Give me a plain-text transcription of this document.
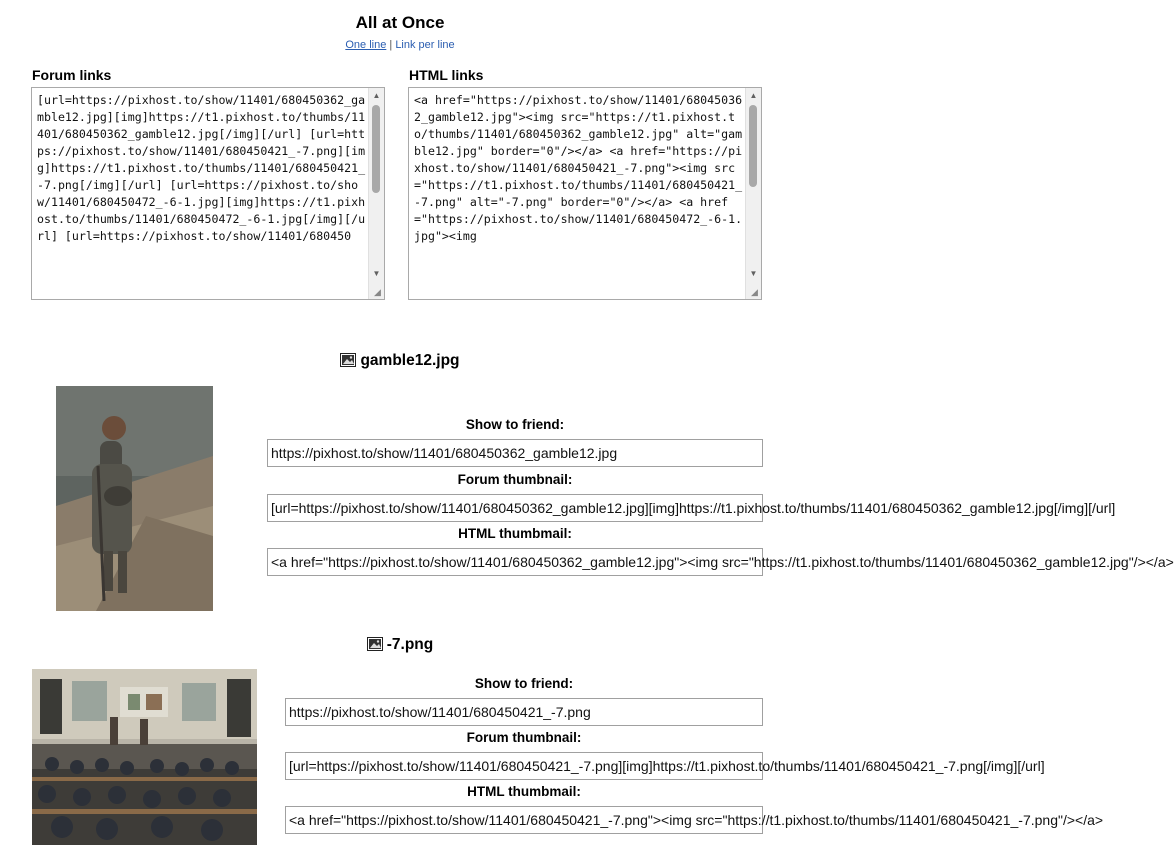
All at Once
One line | Link per line
Forum links
[url=https://pixhost.to/show/11401/680450362_gamble12.jpg][img]https://t1.pixhost.to/thumbs/11401/680450362_gamble12.jpg[/img][/url] [url=https://pixhost.to/show/11401/680450421_-7.png][img]https://t1.pixhost.to/thumbs/11401/680450421_-7.png[/img][/url] [url=https://pixhost.to/show/11401/680450472_-6-1.jpg][img]https://t1.pixhost.to/thumbs/11401/680450472_-6-1.jpg[/img][/url] [url=https://pixhost.to/show/11401/680450
▲
▼
◢
HTML links
<a href="https://pixhost.to/show/11401/680450362_gamble12.jpg"><img src="https://t1.pixhost.to/thumbs/11401/680450362_gamble12.jpg" alt="gamble12.jpg" border="0"/></a> <a href="https://pixhost.to/show/11401/680450421_-7.png"><img src="https://t1.pixhost.to/thumbs/11401/680450421_-7.png" alt="-7.png" border="0"/></a> <a href="https://pixhost.to/show/11401/680450472_-6-1.jpg"><img
▲
▼
◢
gamble12.jpg
Show to friend:
https://pixhost.to/show/11401/680450362_gamble12.jpg
Forum thumbnail:
[url=https://pixhost.to/show/11401/680450362_gamble12.jpg][img]https://t1.pixhost.to/thumbs/11401/680450362_gamble12.jpg[/img][/url]
HTML thumbmail:
<a href="https://pixhost.to/show/11401/680450362_gamble12.jpg"><img src="https://t1.pixhost.to/thumbs/11401/680450362_gamble12.jpg"/></a>
-7.png
Show to friend:
https://pixhost.to/show/11401/680450421_-7.png
Forum thumbnail:
[url=https://pixhost.to/show/11401/680450421_-7.png][img]https://t1.pixhost.to/thumbs/11401/680450421_-7.png[/img][/url]
HTML thumbmail:
<a href="https://pixhost.to/show/11401/680450421_-7.png"><img src="https://t1.pixhost.to/thumbs/11401/680450421_-7.png"/></a>
